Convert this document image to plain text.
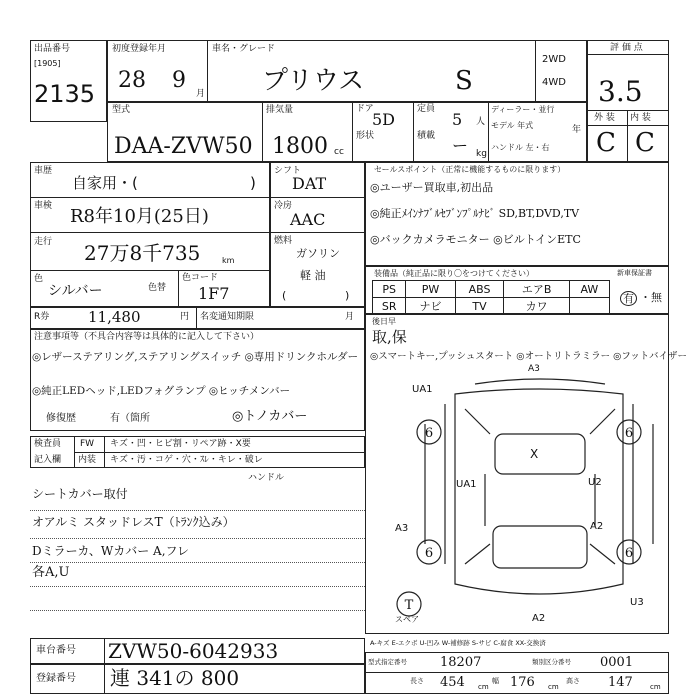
出品番号
[1905]
2135
初度登録年月
28 9
月
車名・グレード
プリウス	S
2WD
4WD
評 価 点
3.5
外 装 内 装
C C
型式
DAA-ZVW50
排気量
1800 cc
ドア
5D
形状
定員
5 人
積載 ー kg
ディーラー・並行
モデル 年式	年
ハンドル 左・右
車歴
自家用・(	)
車検 R8年10月(25日)
走行 27万8千735	km
色
シルバー	色替
色コード
1F7
シフト
DAT
冷房
AAC
燃料
ガソリン
軽 油
(	)
セールスポイント（正常に機能するものに限ります）
◎ユーザー買取車,初出品
◎純正ﾒｲﾝﾅﾌﾞﾙｾﾌﾞﾝﾌﾟﾙﾅﾋﾞ SD,BT,DVD,TV
◎バックカメラモニター ◎ビルトインETC
装備品（純正品に限り〇をつけてください）
PS	PW	ABS	エアB	AW
SR	ナビ	TV	カワ	
新車保証書
有 ・無
R券	11,480	円 名変通知期限	月
注意事項等（不具合内容等は具体的に記入して下さい）
◎レザーステアリング,ステアリングスイッチ ◎専用ドリンクホルダー
◎純正LEDヘッド,LEDフォグランプ ◎ヒッチメンバー
修復歴	有（箇所	◎トノカバー
検査員
記入欄
FW キズ・凹・ヒビ割・リペア跡・X要
内装 キズ・汚・コゲ・穴・ｽﾚ・キレ・破レ
ハンドル
シートカバー取付
オアルミ スタッドレスT（ﾄﾗﾝｸ込み）
Dミラーカ、Wカバー A,フレ
各A,U
後日早
取,保
◎スマートキー,プッシュスタート ◎オートリトラミラー ◎フットバイザー
6	6
6	6
T
UA1
A3
X
UA1	U2
A3	A2
A2
U3
スペア
A-キズ E-エクボ U-凹み W-補修跡 S-サビ C-腐食 XX-交換済
車台番号 ZVW50-6042933
登録番号 連 341の 800
型式指定番号	18207	類別区分番号 0001
長さ 454 cm
幅 176 cm
高さ 147 cm
